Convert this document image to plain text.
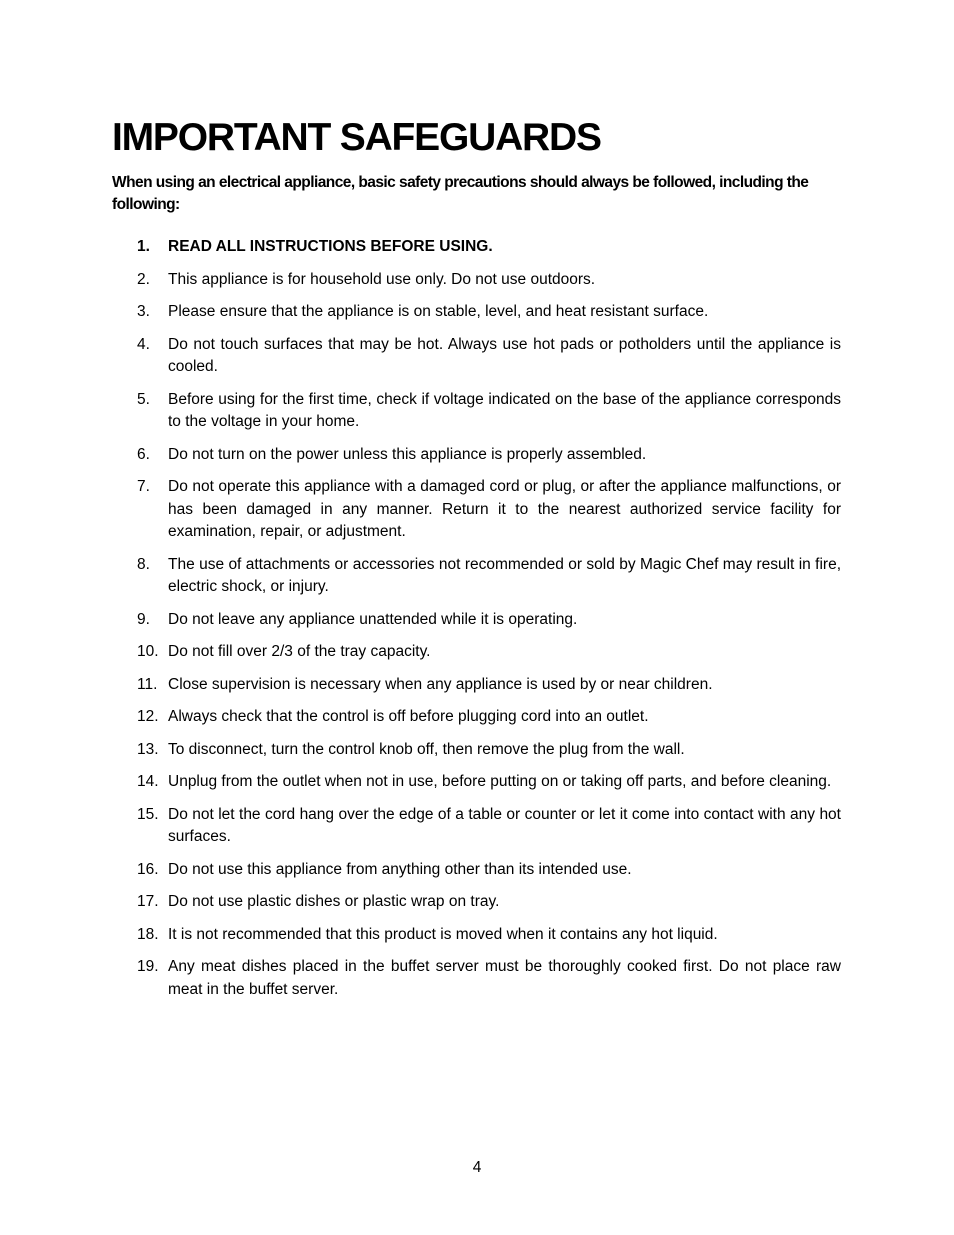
IMPORTANT SAFEGUARDS

When using an electrical appliance, basic safety precautions should always be followed, including the following:

1.	READ ALL INSTRUCTIONS BEFORE USING.
2.	This appliance is for household use only. Do not use outdoors.
3.	Please ensure that the appliance is on stable, level, and heat resistant surface.
4.	Do not touch surfaces that may be hot. Always use hot pads or potholders until the appliance is cooled.
5.	Before using for the first time, check if voltage indicated on the base of the appliance corresponds to the voltage in your home.
6.	Do not turn on the power unless this appliance is properly assembled.
7.	Do not operate this appliance with a damaged cord or plug, or after the appliance malfunctions, or has been damaged in any manner. Return it to the nearest authorized service facility for examination, repair, or adjustment.
8.	The use of attachments or accessories not recommended or sold by Magic Chef may result in fire, electric shock, or injury.
9.	Do not leave any appliance unattended while it is operating.
10. Do not fill over 2/3 of the tray capacity.
11. Close supervision is necessary when any appliance is used by or near children.
12. Always check that the control is off before plugging cord into an outlet.
13. To disconnect, turn the control knob off, then remove the plug from the wall.
14. Unplug from the outlet when not in use, before putting on or taking off parts, and before cleaning.
15. Do not let the cord hang over the edge of a table or counter or let it come into contact with any hot surfaces.
16. Do not use this appliance from anything other than its intended use.
17. Do not use plastic dishes or plastic wrap on tray.
18. It is not recommended that this product is moved when it contains any hot liquid.
19. Any meat dishes placed in the buffet server must be thoroughly cooked first. Do not place raw meat in the buffet server.
4
